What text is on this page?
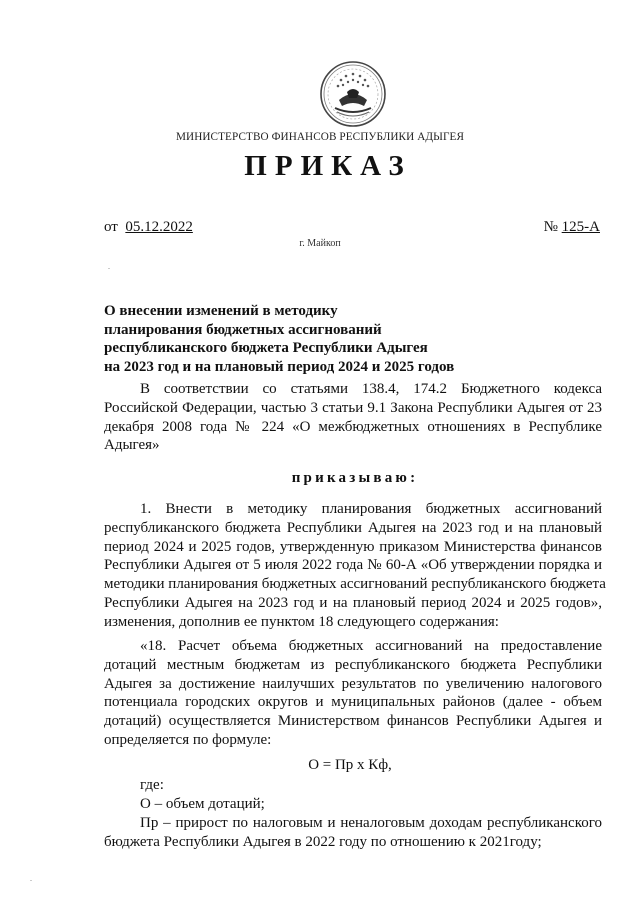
МИНИСТЕРСТВО ФИНАНСОВ РЕСПУБЛИКИ АДЫГЕЯ
ПРИКАЗ
от 05.12.2022	№ 125-А
г. Майкоп
О внесении изменений в методику
планирования бюджетных ассигнований
республиканского бюджета Республики Адыгея
на 2023 год и на плановый период 2024 и 2025 годов
В соответствии со статьями 138.4, 174.2 Бюджетного кодекса
Российской Федерации, частью 3 статьи 9.1 Закона Республики Адыгея от 23
декабря 2008 года № 224 «О межбюджетных отношениях в Республике
Адыгея»
приказываю:
1. Внести в методику планирования бюджетных ассигнований
республиканского бюджета Республики Адыгея на 2023 год и на плановый
период 2024 и 2025 годов, утвержденную приказом Министерства финансов
Республики Адыгея от 5 июля 2022 года № 60-А «Об утверждении порядка и
методики планирования бюджетных ассигнований республиканского бюджета
Республики Адыгея на 2023 год и на плановый период 2024 и 2025 годов»,
изменения, дополнив ее пунктом 18 следующего содержания:
«18. Расчет объема бюджетных ассигнований на предоставление
дотаций местным бюджетам из республиканского бюджета Республики
Адыгея за достижение наилучших результатов по увеличению налогового
потенциала городских округов и муниципальных районов (далее - объем
дотаций) осуществляется Министерством финансов Республики Адыгея и
определяется по формуле:
О = Пр х Кф,
где:
О – объем дотаций;
Пр – прирост по налоговым и неналоговым доходам республиканского
бюджета Республики Адыгея в 2022 году по отношению к 2021году;
